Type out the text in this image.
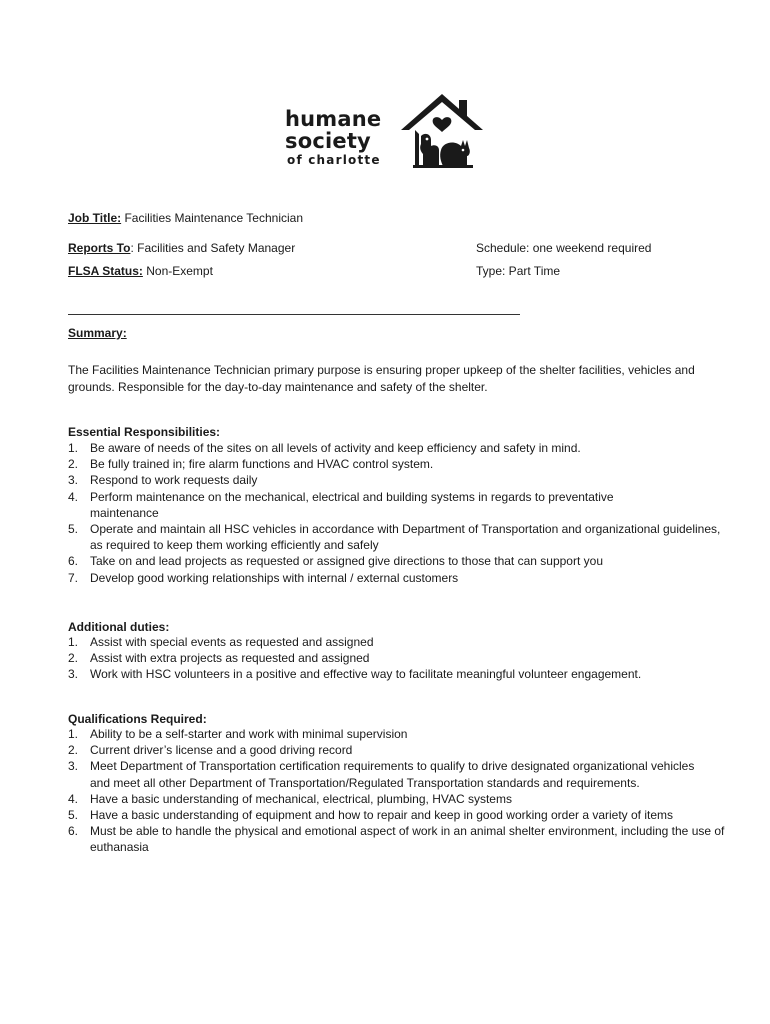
humane
society
of charlotte
Job Title: Facilities Maintenance Technician
Reports To: Facilities and Safety Manager	Schedule: one weekend required
FLSA Status: Non-Exempt	Type: Part Time
Summary:
The Facilities Maintenance Technician primary purpose is ensuring proper upkeep of the shelter facilities, vehicles and grounds. Responsible for the day-to-day maintenance and safety of the shelter.
Essential Responsibilities:
1. Be aware of needs of the sites on all levels of activity and keep efficiency and safety in mind.
2. Be fully trained in; fire alarm functions and HVAC control system.
3. Respond to work requests daily
4. Perform maintenance on the mechanical, electrical and building systems in regards to preventative maintenance
5. Operate and maintain all HSC vehicles in accordance with Department of Transportation and organizational guidelines, as required to keep them working efficiently and safely
6. Take on and lead projects as requested or assigned give directions to those that can support you
7. Develop good working relationships with internal / external customers
Additional duties:
1. Assist with special events as requested and assigned
2. Assist with extra projects as requested and assigned
3. Work with HSC volunteers in a positive and effective way to facilitate meaningful volunteer engagement.
Qualifications Required:
1. Ability to be a self-starter and work with minimal supervision
2. Current driver’s license and a good driving record
3. Meet Department of Transportation certification requirements to qualify to drive designated organizational vehicles and meet all other Department of Transportation/Regulated Transportation standards and requirements.
4. Have a basic understanding of mechanical, electrical, plumbing, HVAC systems
5. Have a basic understanding of equipment and how to repair and keep in good working order a variety of items
6. Must be able to handle the physical and emotional aspect of work in an animal shelter environment, including the use of euthanasia
